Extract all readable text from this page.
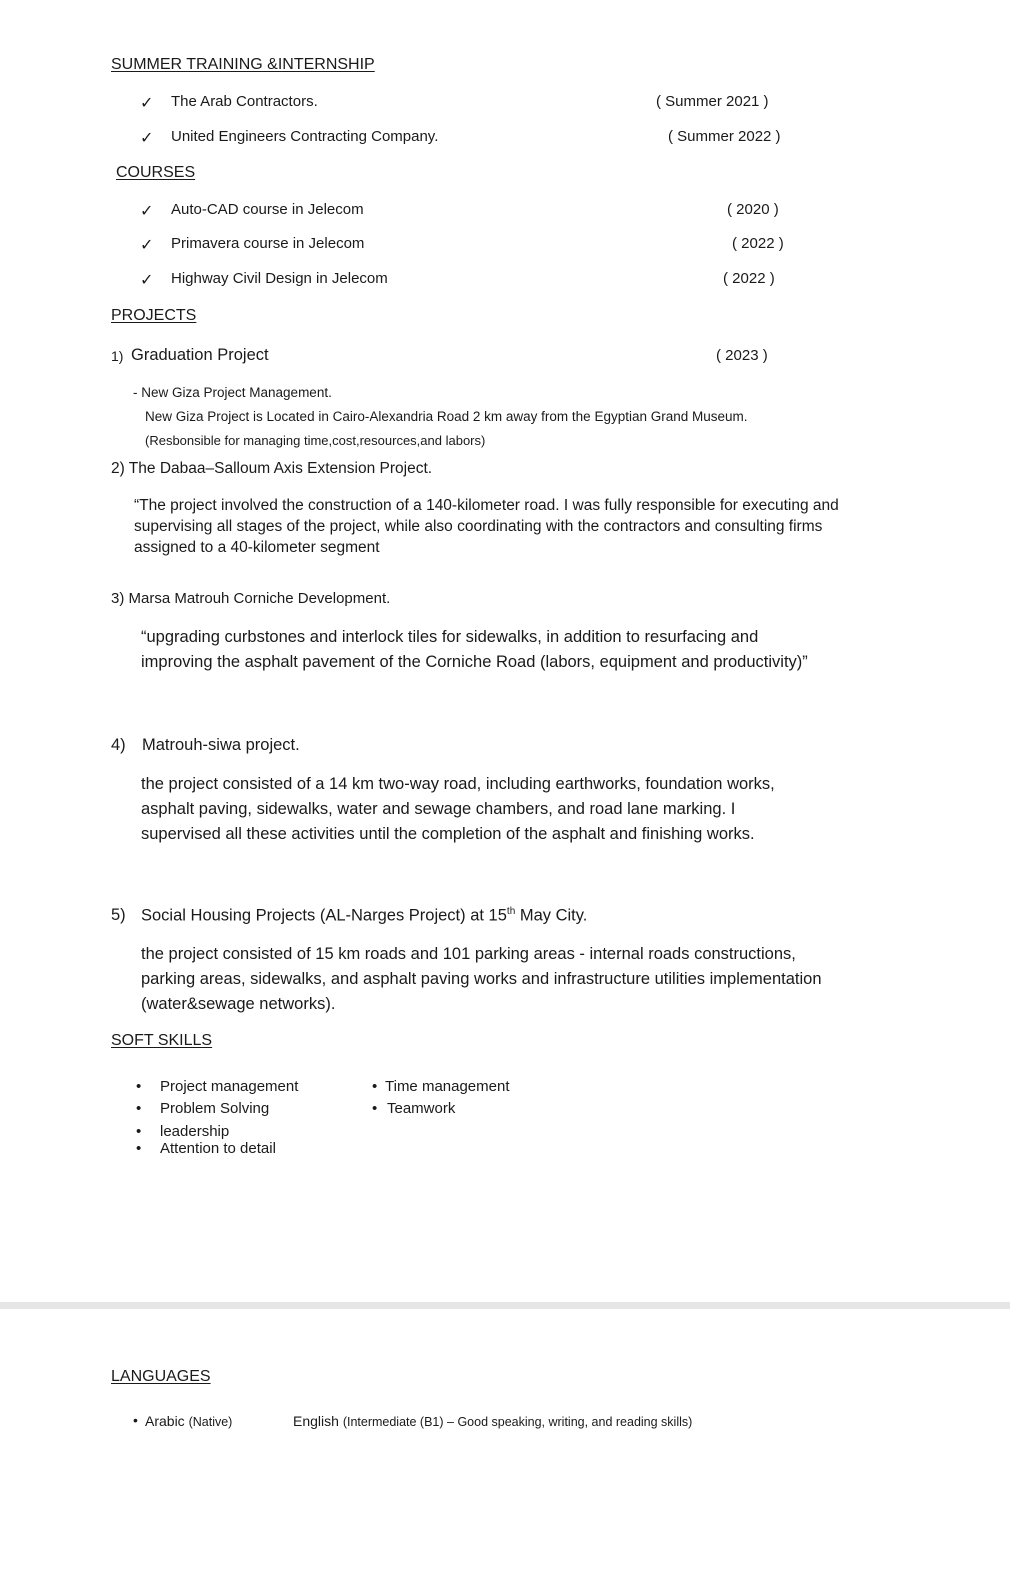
SUMMER TRAINING &INTERNSHIP
✓ The Arab Contractors.	( Summer 2021 )
✓ United Engineers Contracting Company.	( Summer 2022 )
COURSES
✓ Auto-CAD course in Jelecom	( 2020 )
✓ Primavera course in Jelecom	( 2022 )
✓ Highway Civil Design in Jelecom	( 2022 )
PROJECTS
1) Graduation Project	( 2023 )
- New Giza Project Management.
New Giza Project is Located in Cairo-Alexandria Road 2 km away from the Egyptian Grand Museum.
(Resbonsible for managing time,cost,resources,and labors)
2) The Dabaa–Salloum Axis Extension Project.
“The project involved the construction of a 140-kilometer road. I was fully responsible for executing and supervising all stages of the project, while also coordinating with the contractors and consulting firms assigned to a 40-kilometer segment
3) Marsa Matrouh Corniche Development.
“upgrading curbstones and interlock tiles for sidewalks, in addition to resurfacing and improving the asphalt pavement of the Corniche Road (labors, equipment and productivity)”
4) Matrouh-siwa project.
the project consisted of a 14 km two-way road, including earthworks, foundation works, asphalt paving, sidewalks, water and sewage chambers, and road lane marking. I supervised all these activities until the completion of the asphalt and finishing works.
5) Social Housing Projects (AL-Narges Project) at 15th May City.
the project consisted of 15 km roads and 101 parking areas - internal roads constructions, parking areas, sidewalks, and asphalt paving works and infrastructure utilities implementation (water&sewage networks).
SOFT SKILLS
• Project management
• Problem Solving
• leadership
• Attention to detail
• Time management
• Teamwork
LANGUAGES
• Arabic (Native)	English (Intermediate (B1) – Good speaking, writing, and reading skills)
